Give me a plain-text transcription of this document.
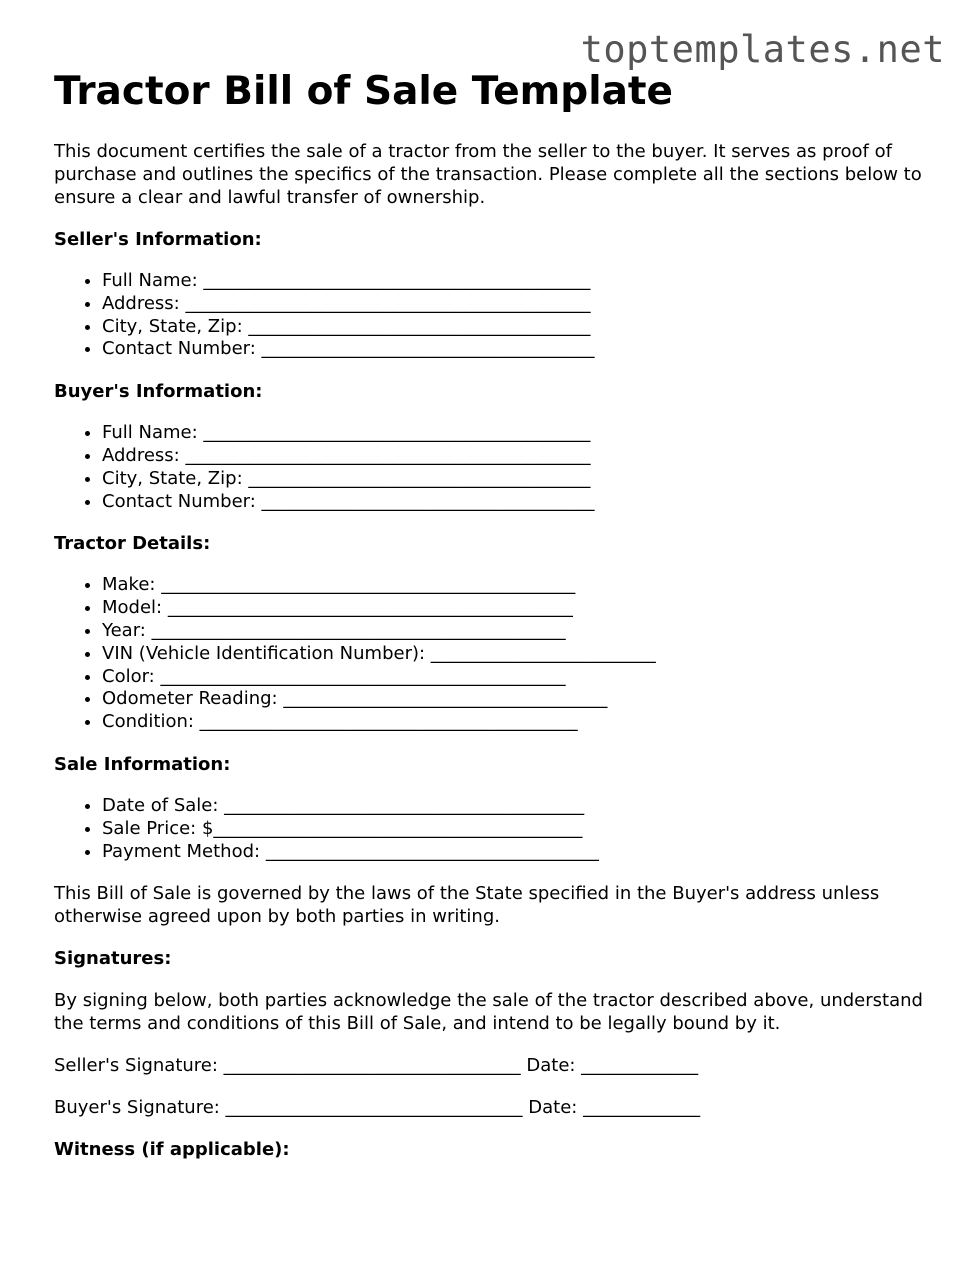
toptemplates.net
Tractor Bill of Sale Template

This document certifies the sale of a tractor from the seller to the buyer. It serves as proof of purchase and outlines the specifics of the transaction. Please complete all the sections below to ensure a clear and lawful transfer of ownership.

Seller's Information:
• Full Name: ___________________________________________
• Address: _____________________________________________
• City, State, Zip: ______________________________________
• Contact Number: _____________________________________
Buyer's Information:
• Full Name: ___________________________________________
• Address: _____________________________________________
• City, State, Zip: ______________________________________
• Contact Number: _____________________________________
Tractor Details:
• Make: ______________________________________________
• Model: _____________________________________________
• Year: ______________________________________________
• VIN (Vehicle Identification Number): _________________________
• Color: _____________________________________________
• Odometer Reading: ____________________________________
• Condition: __________________________________________
Sale Information:
• Date of Sale: ________________________________________
• Sale Price: $_________________________________________
• Payment Method: _____________________________________

This Bill of Sale is governed by the laws of the State specified in the Buyer's address unless otherwise agreed upon by both parties in writing.

Signatures:

By signing below, both parties acknowledge the sale of the tractor described above, understand the terms and conditions of this Bill of Sale, and intend to be legally bound by it.

Seller's Signature: _________________________________ Date: _____________
Buyer's Signature: _________________________________ Date: _____________
Witness (if applicable):
